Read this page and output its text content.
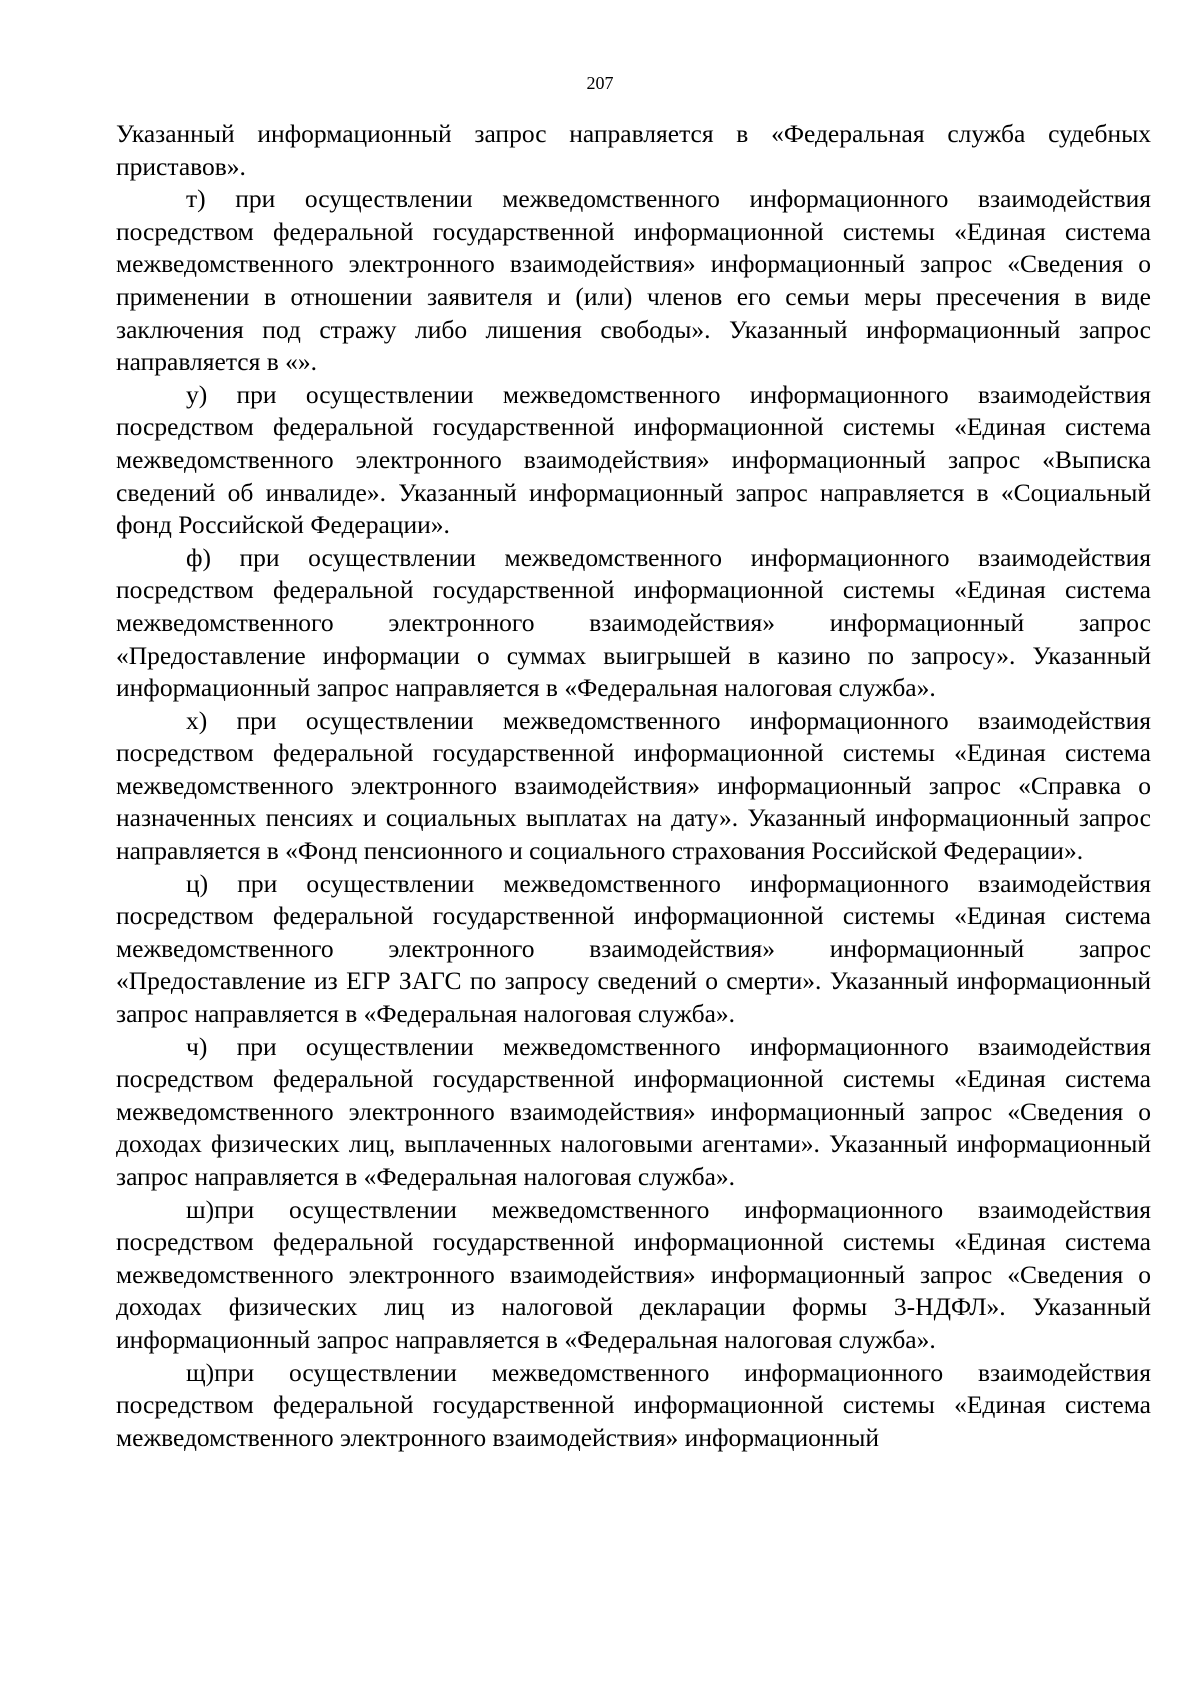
207

Указанный информационный запрос направляется в «Федеральная служба судебных приставов».

т) при осуществлении межведомственного информационного взаимодействия посредством федеральной государственной информационной системы «Единая система межведомственного электронного взаимодействия» информационный запрос «Сведения о применении в отношении заявителя и (или) членов его семьи меры пресечения в виде заключения под стражу либо лишения свободы». Указанный информационный запрос направляется в «».

у) при осуществлении межведомственного информационного взаимодействия посредством федеральной государственной информационной системы «Единая система межведомственного электронного взаимодействия» информационный запрос «Выписка сведений об инвалиде». Указанный информационный запрос направляется в «Социальный фонд Российской Федерации».

ф) при осуществлении межведомственного информационного взаимодействия посредством федеральной государственной информационной системы «Единая система межведомственного электронного взаимодействия» информационный запрос «Предоставление информации о суммах выигрышей в казино по запросу». Указанный информационный запрос направляется в «Федеральная налоговая служба».

х) при осуществлении межведомственного информационного взаимодействия посредством федеральной государственной информационной системы «Единая система межведомственного электронного взаимодействия» информационный запрос «Справка о назначенных пенсиях и социальных выплатах на дату». Указанный информационный запрос направляется в «Фонд пенсионного и социального страхования Российской Федерации».

ц) при осуществлении межведомственного информационного взаимодействия посредством федеральной государственной информационной системы «Единая система межведомственного электронного взаимодействия» информационный запрос «Предоставление из ЕГР ЗАГС по запросу сведений о смерти». Указанный информационный запрос направляется в «Федеральная налоговая служба».

ч) при осуществлении межведомственного информационного взаимодействия посредством федеральной государственной информационной системы «Единая система межведомственного электронного взаимодействия» информационный запрос «Сведения о доходах физических лиц, выплаченных налоговыми агентами». Указанный информационный запрос направляется в «Федеральная налоговая служба».

ш)при осуществлении межведомственного информационного взаимодействия посредством федеральной государственной информационной системы «Единая система межведомственного электронного взаимодействия» информационный запрос «Сведения о доходах физических лиц из налоговой декларации формы 3-НДФЛ». Указанный информационный запрос направляется в «Федеральная налоговая служба».

щ)при осуществлении межведомственного информационного взаимодействия посредством федеральной государственной информационной системы «Единая система межведомственного электронного взаимодействия» информационный
